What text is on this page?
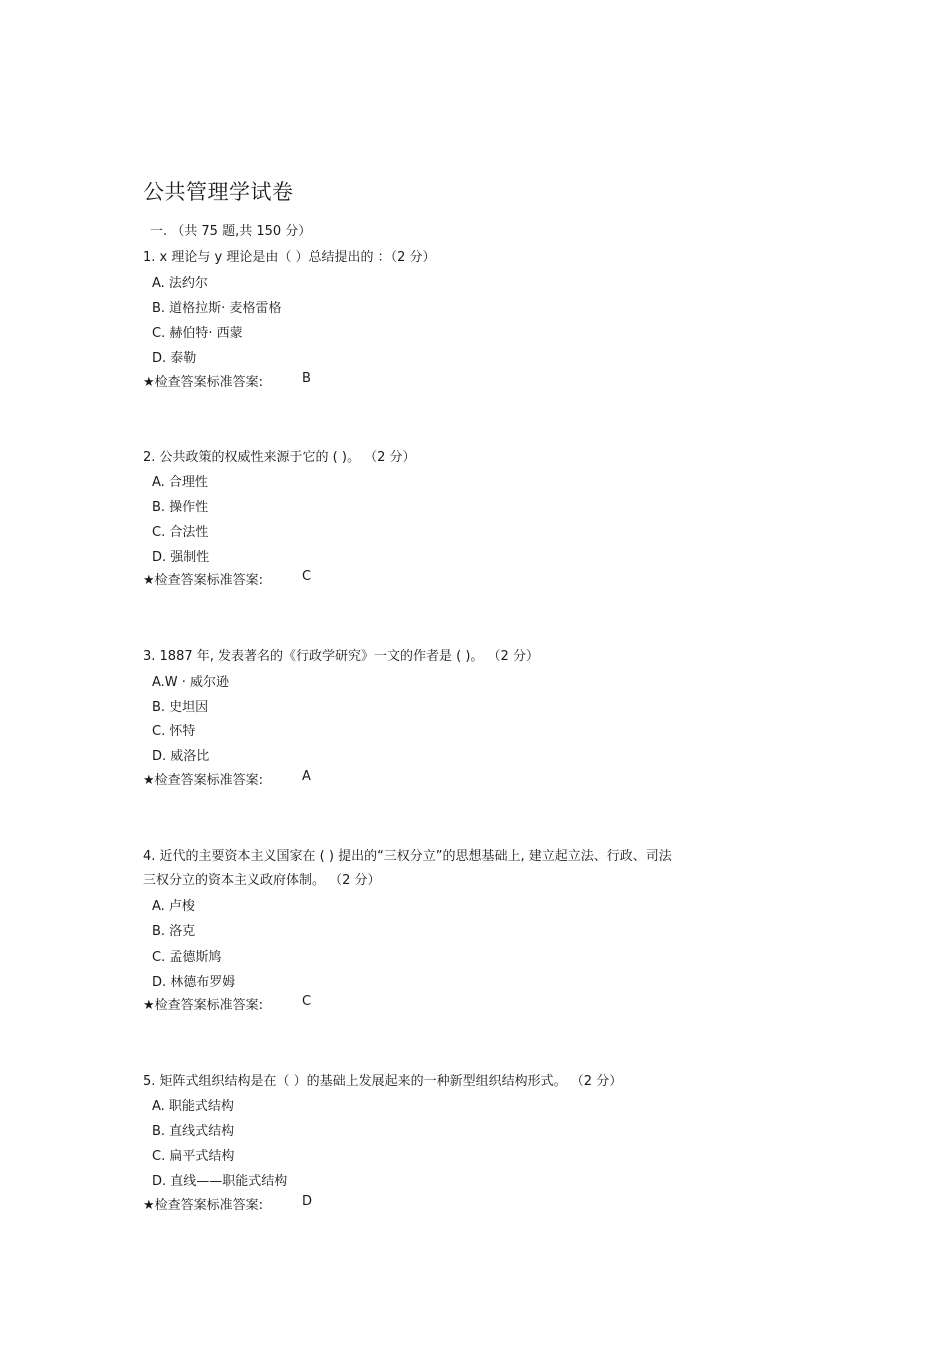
公共管理学试卷
一. （共 75 题,共 150 分）
1. x 理论与 y 理论是由（ ）总结提出的 ：（2 分）
A. 法约尔
B. 道格拉斯· 麦格雷格
C. 赫伯特· 西蒙
D. 泰勒
★检查答案标准答案:	B
2. 公共政策的权威性来源于它的 ( )。 （2 分）
A. 合理性
B. 操作性
C. 合法性
D. 强制性
★检查答案标准答案:	C
3. 1887 年, 发表著名的《行政学研究》一文的作者是 ( )。 （2 分）
A.W · 威尔逊
B. 史坦因
C. 怀特
D. 威洛比
★检查答案标准答案:	A
4. 近代的主要资本主义国家在 ( ) 提出的“三权分立”的思想基础上, 建立起立法、行政、司法
三权分立的资本主义政府体制。 （2 分）
A. 卢梭
B. 洛克
C. 孟德斯鸠
D. 林德布罗姆
★检查答案标准答案:	C
5. 矩阵式组织结构是在（ ）的基础上发展起来的一种新型组织结构形式。 （2 分）
A. 职能式结构
B. 直线式结构
C. 扁平式结构
D. 直线——职能式结构
★检查答案标准答案:	D
